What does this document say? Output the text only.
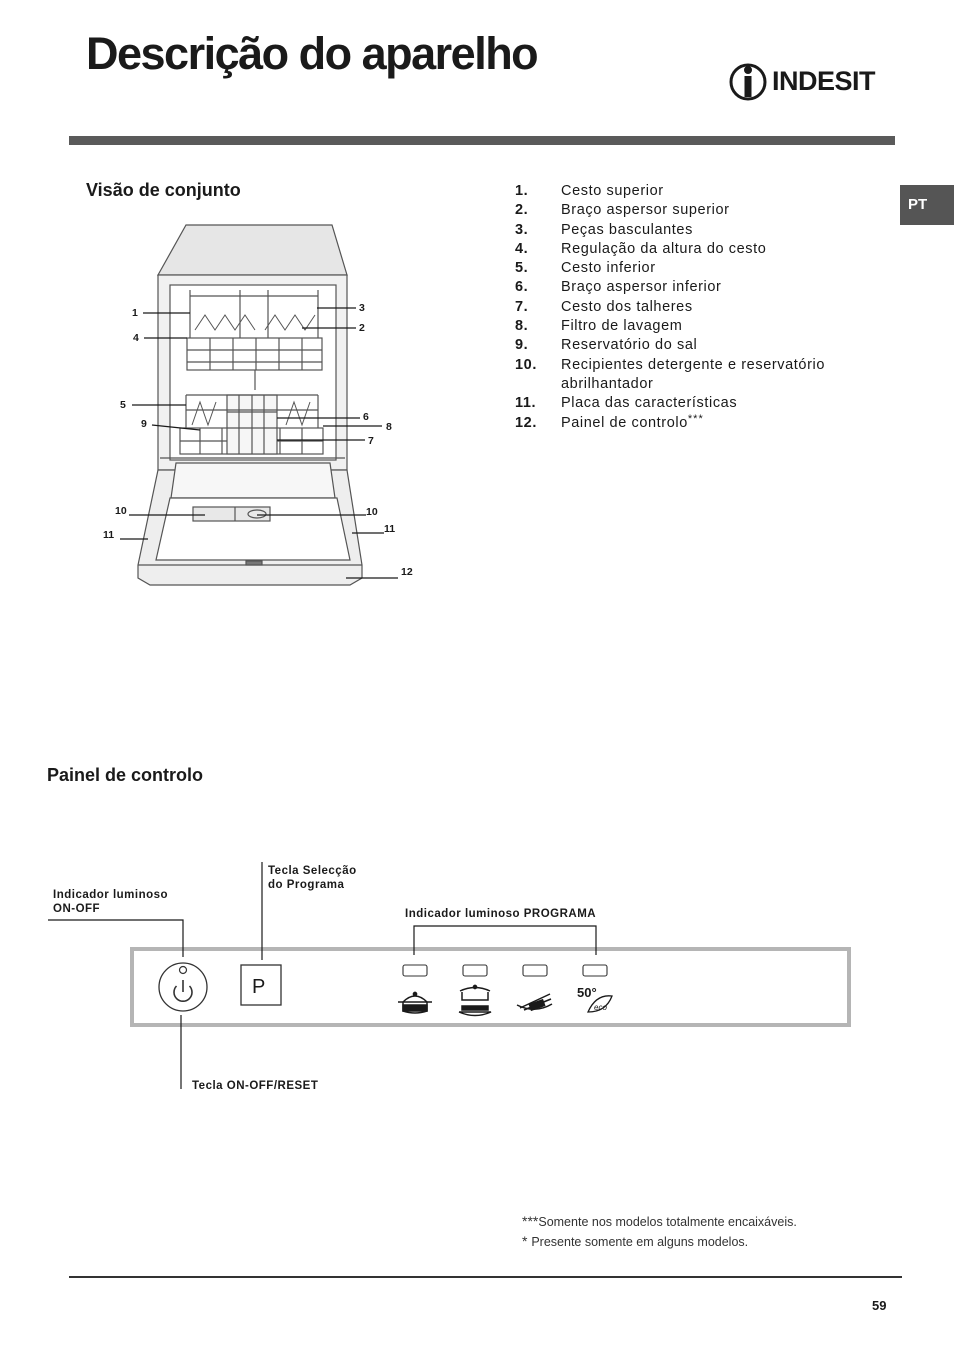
Descrição do aparelho
INDESIT
PT
Visão de conjunto	1. Cesto superior
2. Braço aspersor superior
3. Peças basculantes
4. Regulação da altura do cesto
5. Cesto inferior
6. Braço aspersor inferior
7. Cesto dos talheres
8. Filtro de lavagem
9. Reservatório do sal
10. Recipientes detergente e reservatório abrilhantador
11. Placa das características
12. Painel de controlo***
1
2
3
4
5
6
7
8
9
10	10
11	11
12
P	50°
eco
Painel de controlo
Indicador luminoso
ON-OFF
Tecla Selecção
do Programa
Indicador luminoso PROGRAMA
Tecla ON-OFF/RESET
***Somente nos modelos totalmente encaixáveis.
* Presente somente em alguns modelos.
59
